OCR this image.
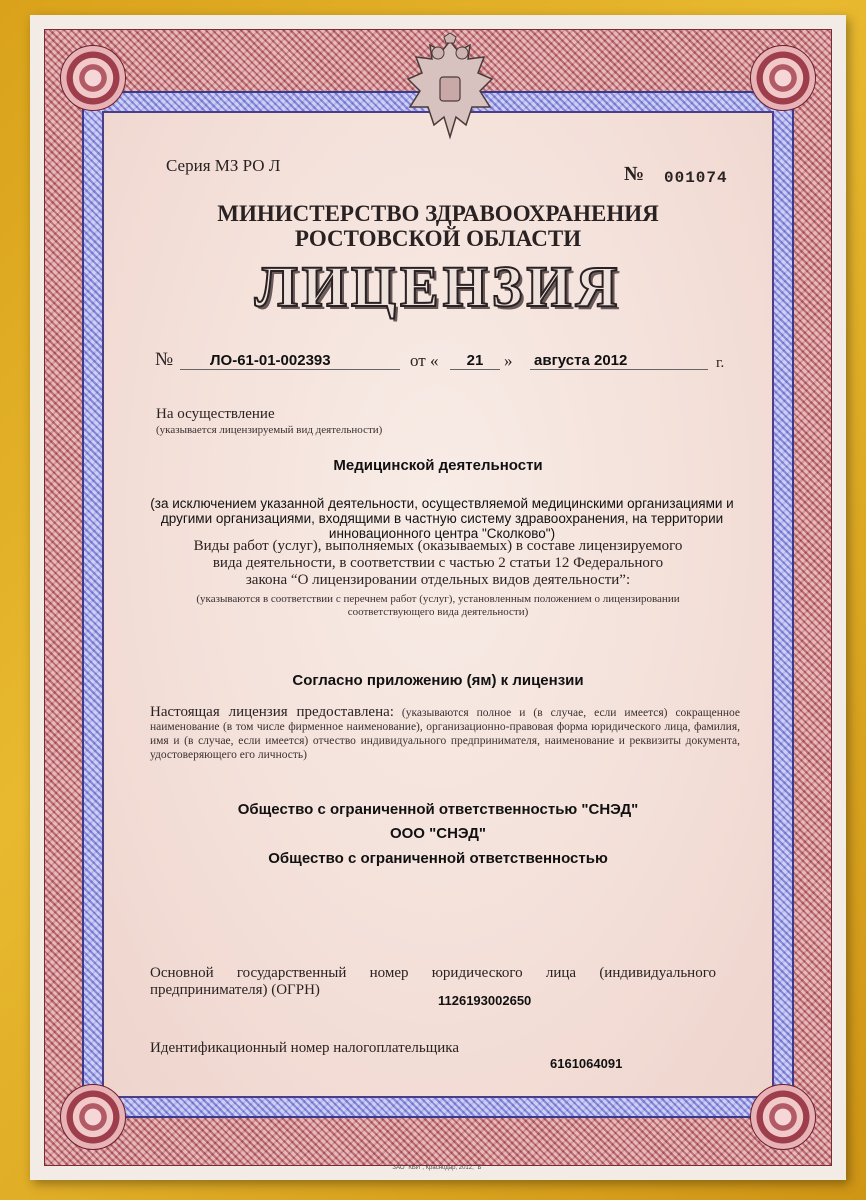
Серия МЗ РО Л	№ 001074
МИНИСТЕРСТВО ЗДРАВООХРАНЕНИЯ
РОСТОВСКОЙ ОБЛАСТИ
ЛИЦЕНЗИЯ
№	ЛО-61-01-002393	от «	21	» августа 2012	г.
На осуществление
(указывается лицензируемый вид деятельности)
Медицинской деятельности
(за исключением указанной деятельности, осуществляемой медицинскими организациями и другими организациями, входящими в частную систему здравоохранения, на территории инновационного центра "Сколково")
Виды работ (услуг), выполняемых (оказываемых) в составе лицензируемого
вида деятельности, в соответствии с частью 2 статьи 12 Федерального
закона “О лицензировании отдельных видов деятельности”:
(указываются в соответствии с перечнем работ (услуг), установленным положением о лицензировании
соответствующего вида деятельности)
Согласно приложению (ям) к лицензии
Настоящая лицензия предоставлена: (указываются полное и (в случае, если имеется) сокращенное наименование (в том числе фирменное наименование), организационно-правовая форма юридического лица, фамилия, имя и (в случае, если имеется) отчество индивидуального предпринимателя, наименование и реквизиты документа, удостоверяющего его личность)
Общество с ограниченной ответственностью "СНЭД"
ООО "СНЭД"
Общество с ограниченной ответственностью
Основной государственный номер юридического лица (индивидуального
предпринимателя) (ОГРН)
1126193002650
Идентификационный номер налогоплательщика
6161064091
ЗАО "КБИ", Краснодар, 2012, "Б"
